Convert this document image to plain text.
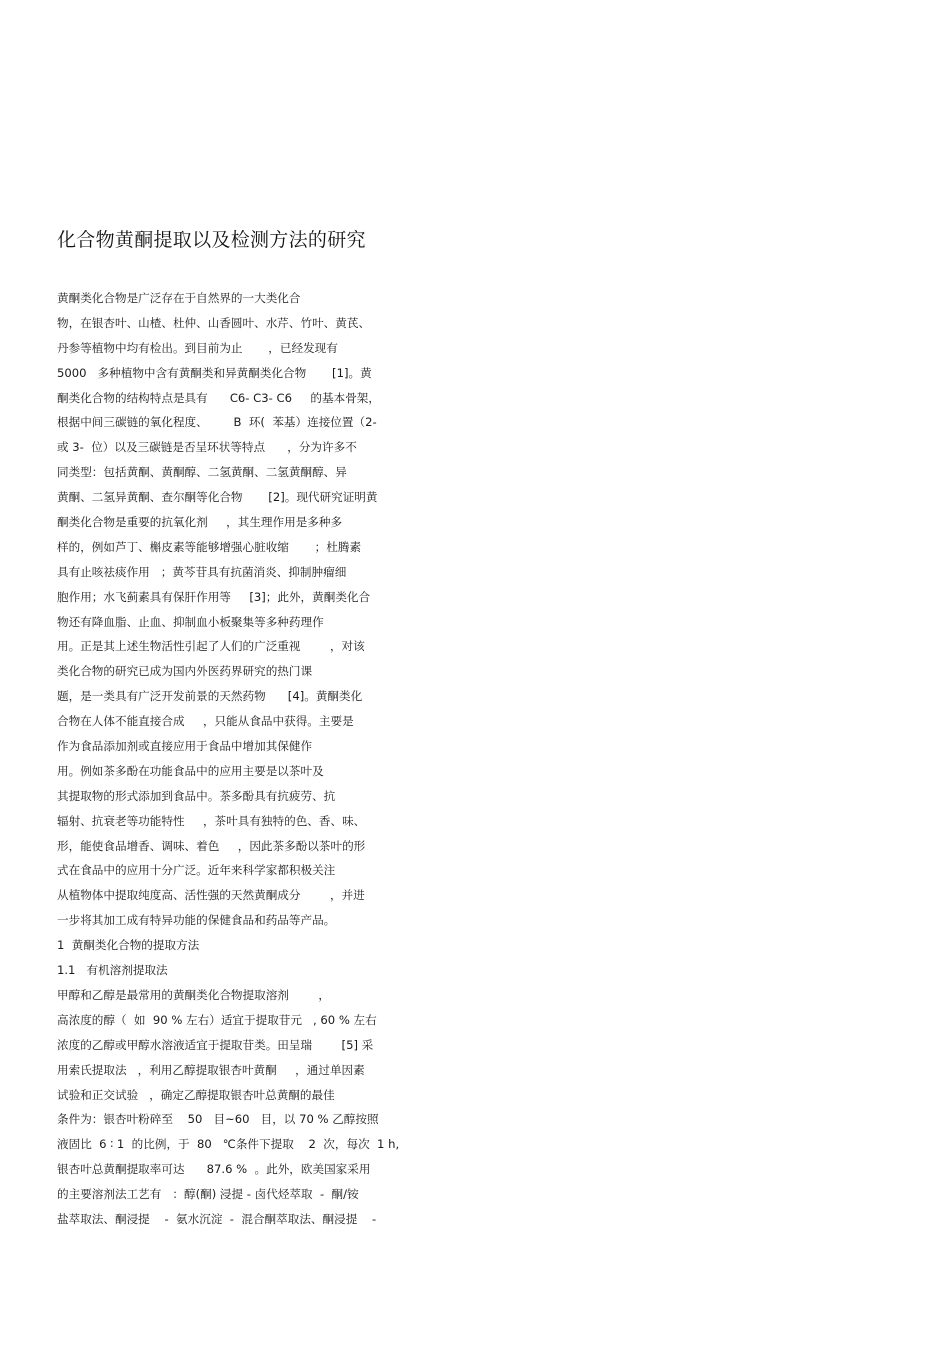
化合物黄酮提取以及检测方法的研究
黄酮类化合物是广泛存在于自然界的一大类化合
物，在银杏叶、山楂、杜仲、山香圆叶、水芹、竹叶、黄芪、
丹参等植物中均有检出。到目前为止       ，已经发现有
5000   多种植物中含有黄酮类和异黄酮类化合物       [1]。黄
酮类化合物的结构特点是具有      C6- C3- C6     的基本骨架，
根据中间三碳链的氧化程度、       B  环(  苯基）连接位置（2-
或 3-  位）以及三碳链是否呈环状等特点      ，分为许多不
同类型：包括黄酮、黄酮醇、二氢黄酮、二氢黄酮醇、异
黄酮、二氢异黄酮、查尔酮等化合物       [2]。现代研究证明黄
酮类化合物是重要的抗氧化剂     ，其生理作用是多种多
样的，例如芦丁、槲皮素等能够增强心脏收缩       ；杜腾素
具有止咳祛痰作用   ；黄芩苷具有抗菌消炎、抑制肿瘤细
胞作用；水飞蓟素具有保肝作用等     [3]；此外，黄酮类化合
物还有降血脂、止血、抑制血小板聚集等多种药理作
用。正是其上述生物活性引起了人们的广泛重视        ，对该
类化合物的研究已成为国内外医药界研究的热门课
题，是一类具有广泛开发前景的天然药物      [4]。黄酮类化
合物在人体不能直接合成     ，只能从食品中获得。主要是
作为食品添加剂或直接应用于食品中增加其保健作
用。例如茶多酚在功能食品中的应用主要是以茶叶及
其提取物的形式添加到食品中。茶多酚具有抗疲劳、抗
辐射、抗衰老等功能特性     ，茶叶具有独特的色、香、味、
形，能使食品增香、调味、着色     ，因此茶多酚以茶叶的形
式在食品中的应用十分广泛。近年来科学家都积极关注
从植物体中提取纯度高、活性强的天然黄酮成分        ，并进
一步将其加工成有特异功能的保健食品和药品等产品。
1  黄酮类化合物的提取方法
1.1   有机溶剂提取法
甲醇和乙醇是最常用的黄酮类化合物提取溶剂        ，
高浓度的醇（  如  90 % 左右）适宜于提取苷元   , 60 % 左右
浓度的乙醇或甲醇水溶液适宜于提取苷类。田呈瑞        [5] 采
用索氏提取法   ，利用乙醇提取银杏叶黄酮     ，通过单因素
试验和正交试验   ，确定乙醇提取银杏叶总黄酮的最佳
条件为：银杏叶粉碎至    50   目~60   目，以 70 % 乙醇按照
液固比  6 ∶ 1  的比例，于  80   ℃条件下提取    2  次，每次  1 h,
银杏叶总黄酮提取率可达      87.6 %  。此外，欧美国家采用
的主要溶剂法工艺有   ：醇(酮) 浸提 - 卤代烃萃取  -  酮/铵
盐萃取法、酮浸提    -  氨水沉淀  -  混合酮萃取法、酮浸提    -
